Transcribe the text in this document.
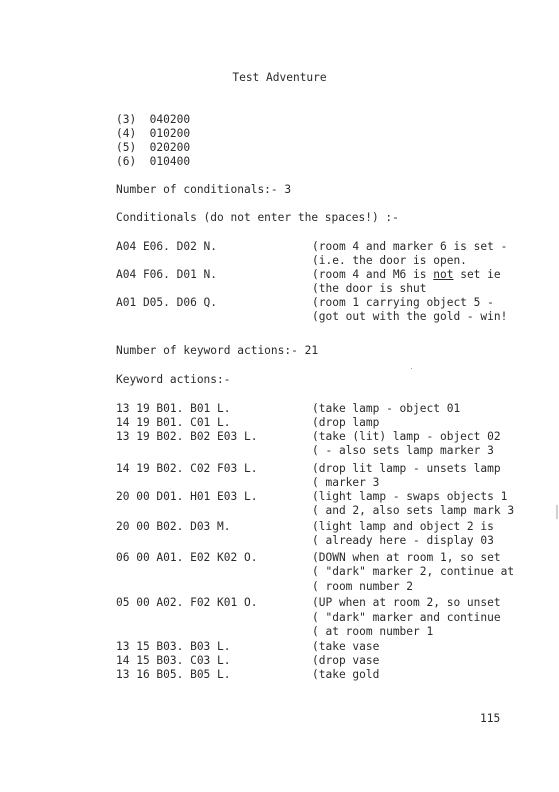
Test Adventure
(3)  040200
(4)  010200
(5)  020200
(6)  010400
Number of conditionals:- 3
Conditionals (do not enter the spaces!) :-
A04 E06. D02 N.	(room 4 and marker 6 is set -
(i.e. the door is open.
A04 F06. D01 N.	(room 4 and M6 is not set ie
(the door is shut
A01 D05. D06 Q.	(room 1 carrying object 5 -
(got out with the gold - win!
Number of keyword actions:- 21
Keyword actions:-
13 19 B01. B01 L.	(take lamp - object 01
14 19 B01. C01 L.	(drop lamp
13 19 B02. B02 E03 L.	(take (lit) lamp - object 02
( - also sets lamp marker 3
14 19 B02. C02 F03 L.	(drop lit lamp - unsets lamp
( marker 3
20 00 D01. H01 E03 L.	(light lamp - swaps objects 1
( and 2, also sets lamp mark 3
20 00 B02. D03 M.	(light lamp and object 2 is
( already here - display 03
06 00 A01. E02 K02 O.	(DOWN when at room 1, so set
( "dark" marker 2, continue at
( room number 2
05 00 A02. F02 K01 O.	(UP when at room 2, so unset
( "dark" marker and continue
( at room number 1
13 15 B03. B03 L.	(take vase
14 15 B03. C03 L.	(drop vase
13 16 B05. B05 L.	(take gold
115
